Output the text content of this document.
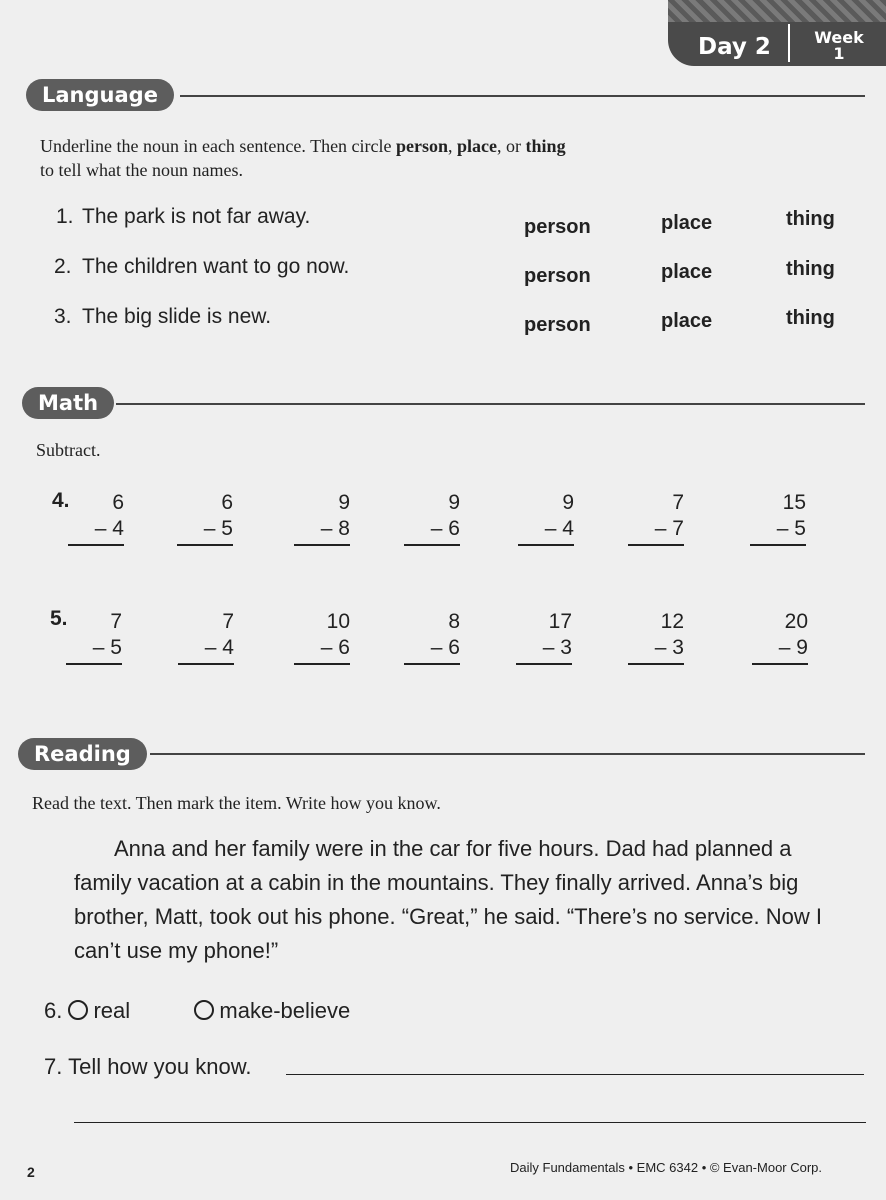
Day 2	Week
1
Language
Underline the noun in each sentence. Then circle person, place, or thing
to tell what the noun names.
1. The park is not far away.	person	place	thing
2. The children want to go now.	person	place	thing
3. The big slide is new.	person	place	thing
Math
Subtract.
4.	6
– 4
6
– 5
9
– 8
9
– 6
9
– 4
7
– 7
15
– 5
5.	7
– 5
7
– 4
10
– 6
8
– 6
17
– 3
12
– 3
20
– 9
Reading
Read the text. Then mark the item. Write how you know.

Anna and her family were in the car for five hours. Dad had planned a family vacation at a cabin in the mountains. They finally arrived. Anna’s big brother, Matt, took out his phone. “Great,” he said. “There’s no service. Now I can’t use my phone!”

6. real	make-believe
7. Tell how you know.
2	Daily Fundamentals • EMC 6342 • © Evan-Moor Corp.
